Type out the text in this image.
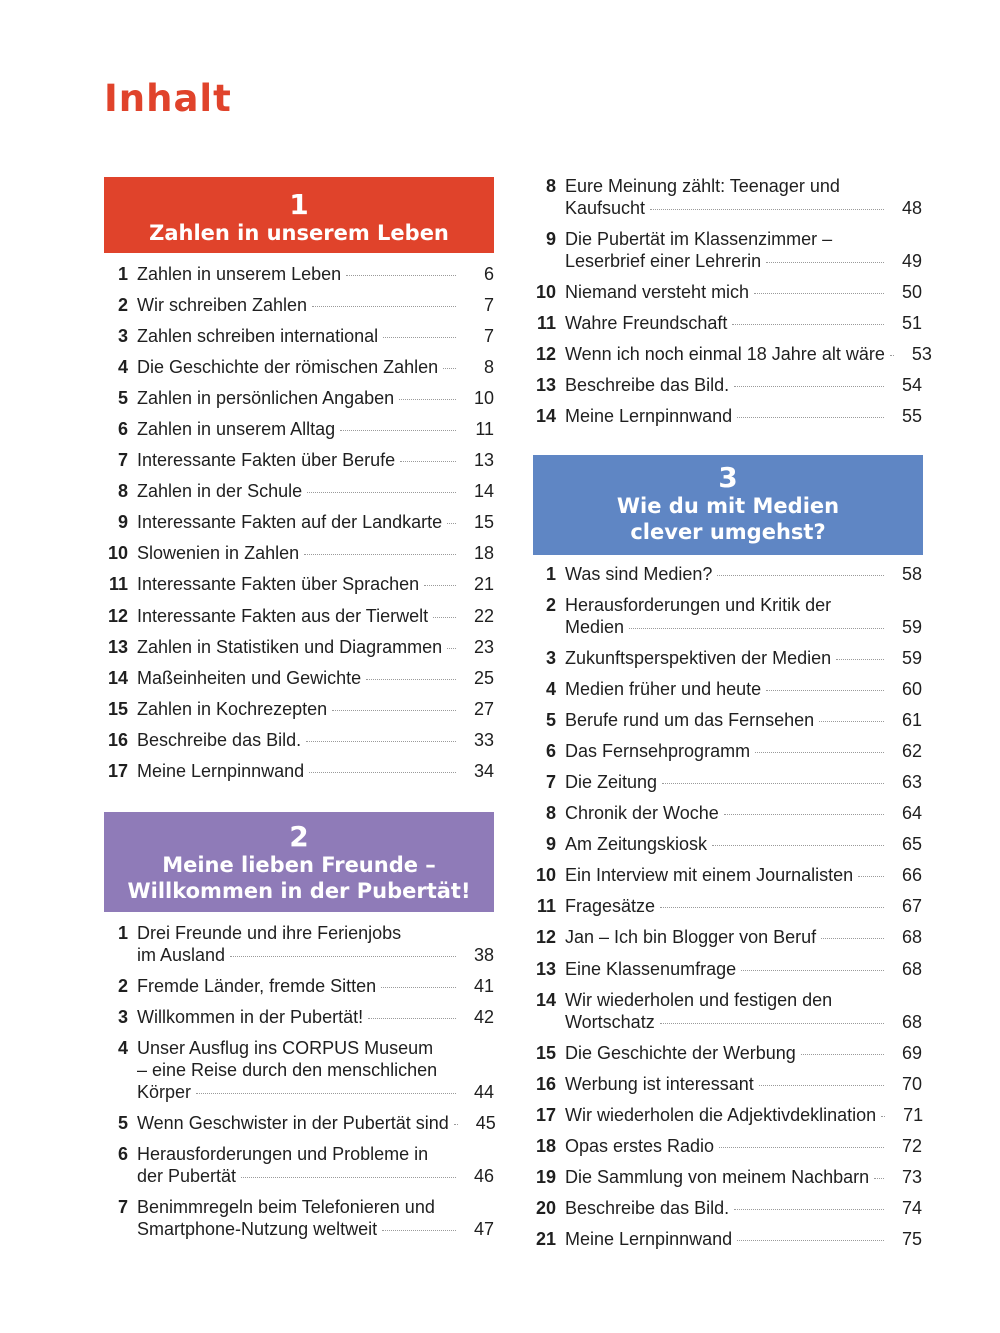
Inhalt
1
Zahlen in unserem Leben
1 Zahlen in unserem Leben	6
2 Wir schreiben Zahlen	7
3 Zahlen schreiben international	7
4 Die Geschichte der römischen Zahlen	8
5 Zahlen in persönlichen Angaben	10
6 Zahlen in unserem Alltag	11
7 Interessante Fakten über Berufe	13
8 Zahlen in der Schule	14
9 Interessante Fakten auf der Landkarte	15
10 Slowenien in Zahlen	18
11 Interessante Fakten über Sprachen	21
12 Interessante Fakten aus der Tierwelt	22
13 Zahlen in Statistiken und Diagrammen	23
14 Maßeinheiten und Gewichte	25
15 Zahlen in Kochrezepten	27
16 Beschreibe das Bild.	33
17 Meine Lernpinnwand	34
2
Meine lieben Freunde –
Willkommen in der Pubertät!
1 Drei Freunde und ihre Ferienjobs
im Ausland	38
2 Fremde Länder, fremde Sitten	41
3 Willkommen in der Pubertät!	42
4 Unser Ausflug ins CORPUS Museum
– eine Reise durch den menschlichen
Körper	44
5 Wenn Geschwister in der Pubertät sind	45
6 Herausforderungen und Probleme in
der Pubertät	46
7 Benimmregeln beim Telefonieren und
Smartphone-Nutzung weltweit	47
8 Eure Meinung zählt: Teenager und
Kaufsucht	48
9 Die Pubertät im Klassenzimmer –
Leserbrief einer Lehrerin	49
10 Niemand versteht mich	50
11 Wahre Freundschaft	51
12 Wenn ich noch einmal 18 Jahre alt wäre	53
13 Beschreibe das Bild.	54
14 Meine Lernpinnwand	55
3
Wie du mit Medien
clever umgehst?
1 Was sind Medien?	58
2 Herausforderungen und Kritik der
Medien	59
3 Zukunftsperspektiven der Medien	59
4 Medien früher und heute	60
5 Berufe rund um das Fernsehen	61
6 Das Fernsehprogramm	62
7 Die Zeitung	63
8 Chronik der Woche	64
9 Am Zeitungskiosk	65
10 Ein Interview mit einem Journalisten	66
11 Fragesätze	67
12 Jan – Ich bin Blogger von Beruf	68
13 Eine Klassenumfrage	68
14 Wir wiederholen und festigen den
Wortschatz	68
15 Die Geschichte der Werbung	69
16 Werbung ist interessant	70
17 Wir wiederholen die Adjektivdeklination	71
18 Opas erstes Radio	72
19 Die Sammlung von meinem Nachbarn	73
20 Beschreibe das Bild.	74
21 Meine Lernpinnwand	75
